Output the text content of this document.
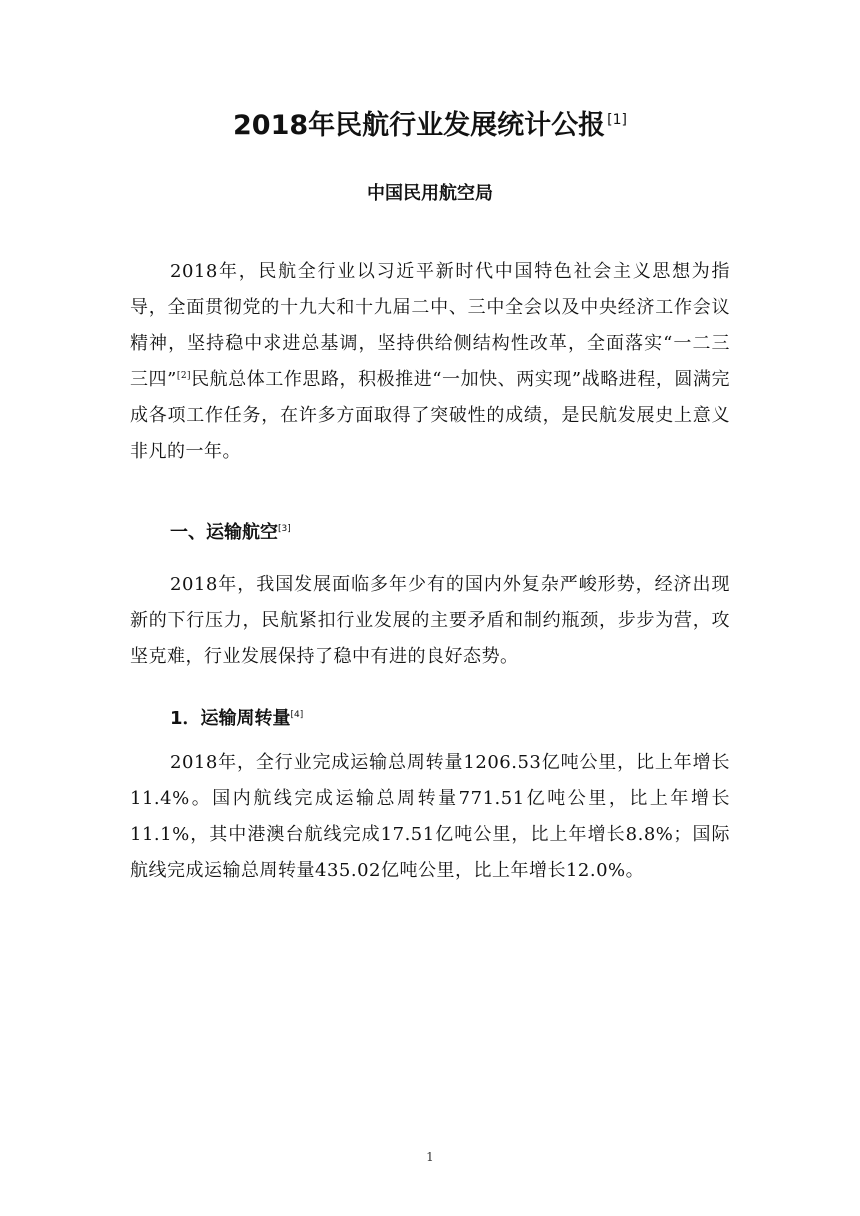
2018年民航行业发展统计公报 [1]
中国民用航空局
2018年，民航全行业以习近平新时代中国特色社会主义思想为指导，全面贯彻党的十九大和十九届二中、三中全会以及中央经济工作会议精神，坚持稳中求进总基调，坚持供给侧结构性改革，全面落实“一二三三四”[2]民航总体工作思路，积极推进“一加快、两实现”战略进程，圆满完成各项工作任务，在许多方面取得了突破性的成绩，是民航发展史上意义非凡的一年。
一、运输航空[3]
2018年，我国发展面临多年少有的国内外复杂严峻形势，经济出现新的下行压力，民航紧扣行业发展的主要矛盾和制约瓶颈，步步为营，攻坚克难，行业发展保持了稳中有进的良好态势。
1．运输周转量[4]
2018年，全行业完成运输总周转量1206.53亿吨公里，比上年增长11.4%。国内航线完成运输总周转量771.51亿吨公里，比上年增长11.1%，其中港澳台航线完成17.51亿吨公里，比上年增长8.8%；国际航线完成运输总周转量435.02亿吨公里，比上年增长12.0%。
1
